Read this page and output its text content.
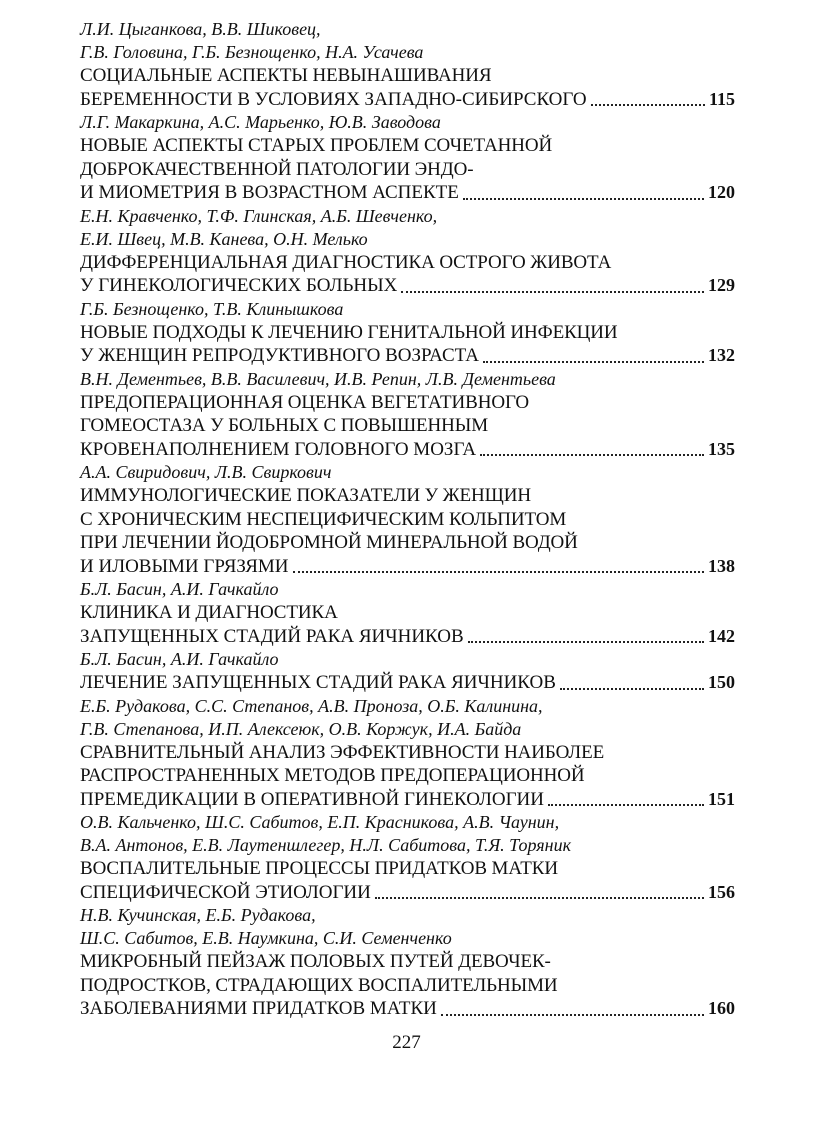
Л.И. Цыганкова, В.В. Шиковец,
Г.В. Головина, Г.Б. Безнощенко, Н.А. Усачева
СОЦИАЛЬНЫЕ АСПЕКТЫ НЕВЫНАШИВАНИЯ
БЕРЕМЕННОСТИ В УСЛОВИЯХ ЗАПАДНО-СИБИРСКОГО	115
Л.Г. Макаркина, А.С. Марьенко, Ю.В. Заводова
НОВЫЕ АСПЕКТЫ СТАРЫХ ПРОБЛЕМ СОЧЕТАННОЙ
ДОБРОКАЧЕСТВЕННОЙ ПАТОЛОГИИ ЭНДО-
И МИОМЕТРИЯ В ВОЗРАСТНОМ АСПЕКТЕ	120
Е.Н. Кравченко, Т.Ф. Глинская, А.Б. Шевченко,
Е.И. Швец, М.В. Канева, О.Н. Мелько
ДИФФЕРЕНЦИАЛЬНАЯ ДИАГНОСТИКА ОСТРОГО ЖИВОТА
У ГИНЕКОЛОГИЧЕСКИХ БОЛЬНЫХ	129
Г.Б. Безнощенко, Т.В. Клинышкова
НОВЫЕ ПОДХОДЫ К ЛЕЧЕНИЮ ГЕНИТАЛЬНОЙ ИНФЕКЦИИ
У ЖЕНЩИН РЕПРОДУКТИВНОГО ВОЗРАСТА	132
В.Н. Дементьев, В.В. Василевич, И.В. Репин, Л.В. Дементьева
ПРЕДОПЕРАЦИОННАЯ ОЦЕНКА ВЕГЕТАТИВНОГО
ГОМЕОСТАЗА У БОЛЬНЫХ С ПОВЫШЕННЫМ
КРОВЕНАПОЛНЕНИЕМ ГОЛОВНОГО МОЗГА	135
А.А. Свиридович, Л.В. Свиркович
ИММУНОЛОГИЧЕСКИЕ ПОКАЗАТЕЛИ У ЖЕНЩИН
С ХРОНИЧЕСКИМ НЕСПЕЦИФИЧЕСКИМ КОЛЬПИТОМ
ПРИ ЛЕЧЕНИИ ЙОДОБРОМНОЙ МИНЕРАЛЬНОЙ ВОДОЙ
И ИЛОВЫМИ ГРЯЗЯМИ	138
Б.Л. Басин, А.И. Гачкайло
КЛИНИКА И ДИАГНОСТИКА
ЗАПУЩЕННЫХ СТАДИЙ РАКА ЯИЧНИКОВ	142
Б.Л. Басин, А.И. Гачкайло
ЛЕЧЕНИЕ ЗАПУЩЕННЫХ СТАДИЙ РАКА ЯИЧНИКОВ	150
Е.Б. Рудакова, С.С. Степанов, А.В. Проноза, О.Б. Калинина,
Г.В. Степанова, И.П. Алексеюк, О.В. Коржук, И.А. Байда
СРАВНИТЕЛЬНЫЙ АНАЛИЗ ЭФФЕКТИВНОСТИ НАИБОЛЕЕ
РАСПРОСТРАНЕННЫХ МЕТОДОВ ПРЕДОПЕРАЦИОННОЙ
ПРЕМЕДИКАЦИИ В ОПЕРАТИВНОЙ ГИНЕКОЛОГИИ	151
О.В. Кальченко, Ш.С. Сабитов, Е.П. Красникова, А.В. Чаунин,
В.А. Антонов, Е.В. Лаутеншлегер, Н.Л. Сабитова, Т.Я. Торяник
ВОСПАЛИТЕЛЬНЫЕ ПРОЦЕССЫ ПРИДАТКОВ МАТКИ
СПЕЦИФИЧЕСКОЙ ЭТИОЛОГИИ	156
Н.В. Кучинская, Е.Б. Рудакова,
Ш.С. Сабитов, Е.В. Наумкина, С.И. Семенченко
МИКРОБНЫЙ ПЕЙЗАЖ ПОЛОВЫХ ПУТЕЙ ДЕВОЧЕК-
ПОДРОСТКОВ, СТРАДАЮЩИХ ВОСПАЛИТЕЛЬНЫМИ
ЗАБОЛЕВАНИЯМИ ПРИДАТКОВ МАТКИ	160
227
